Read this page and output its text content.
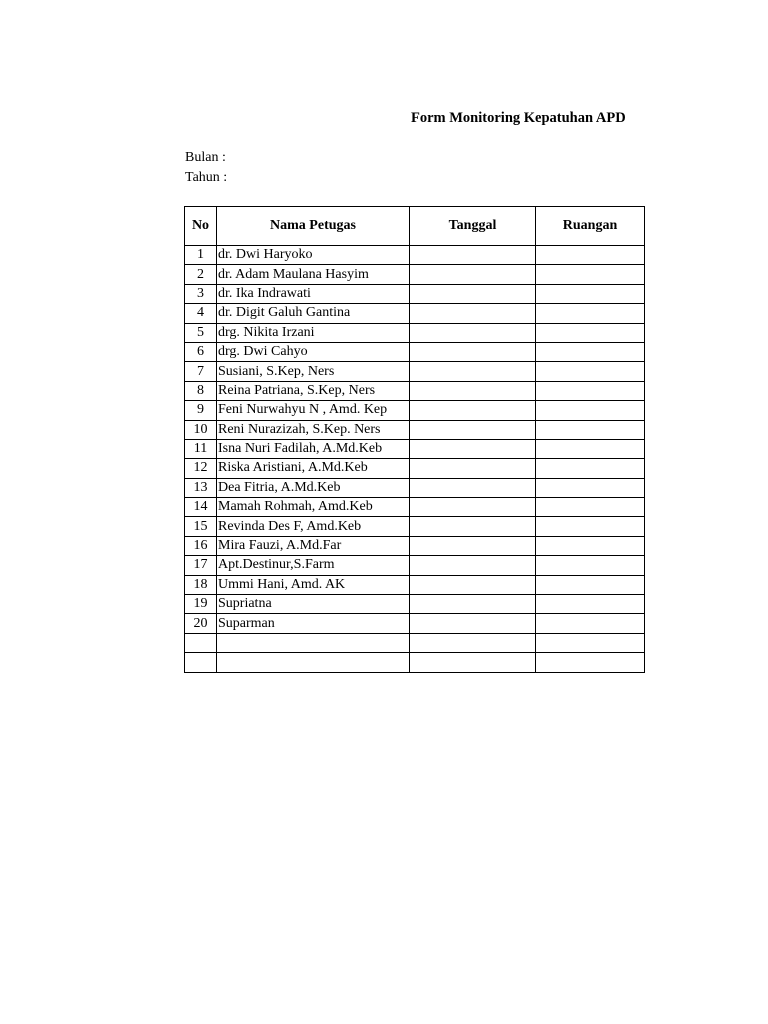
Form Monitoring Kepatuhan APD
Bulan :
Tahun :
No	Nama Petugas	Tanggal	Ruangan
1	dr. Dwi Haryoko		
2	dr. Adam Maulana Hasyim		
3	dr. Ika Indrawati		
4	dr. Digit Galuh Gantina		
5	drg. Nikita Irzani		
6	drg. Dwi Cahyo		
7	Susiani, S.Kep, Ners		
8	Reina Patriana, S.Kep, Ners		
9	Feni Nurwahyu N , Amd. Kep		
10	Reni Nurazizah, S.Kep. Ners		
11	Isna Nuri Fadilah, A.Md.Keb		
12	Riska Aristiani, A.Md.Keb		
13	Dea Fitria, A.Md.Keb		
14	Mamah Rohmah, Amd.Keb		
15	Revinda Des F, Amd.Keb		
16	Mira Fauzi, A.Md.Far		
17	Apt.Destinur,S.Farm		
18	Ummi Hani, Amd. AK		
19	Supriatna		
20	Suparman		
